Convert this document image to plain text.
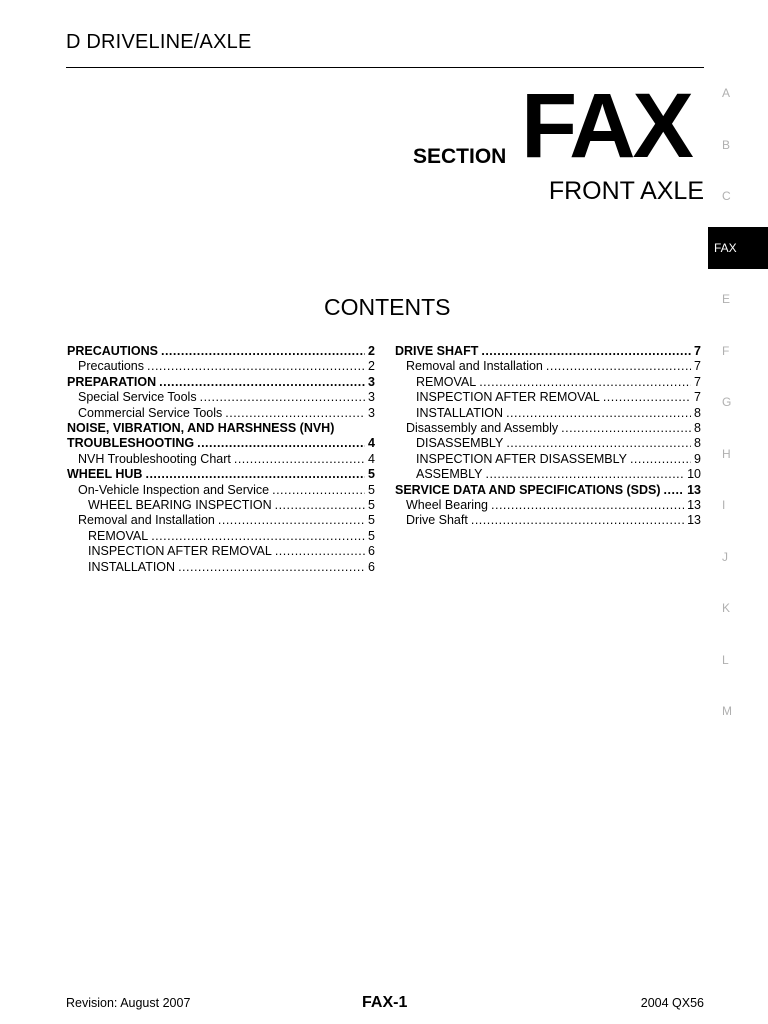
D DRIVELINE/AXLE
SECTION FAX
FRONT AXLE
CONTENTS
PRECAUTIONS .....	2
Precautions .....	2
PREPARATION .....	3
Special Service Tools .....	3
Commercial Service Tools .....	3
NOISE, VIBRATION, AND HARSHNESS (NVH)
TROUBLESHOOTING .....	4
NVH Troubleshooting Chart .....	4
WHEEL HUB .....	5
On-Vehicle Inspection and Service .....	5
WHEEL BEARING INSPECTION .....	5
Removal and Installation .....	5
REMOVAL .....	5
INSPECTION AFTER REMOVAL .....	6
INSTALLATION .....	6
DRIVE SHAFT .....	7
Removal and Installation .....	7
REMOVAL .....	7
INSPECTION AFTER REMOVAL .....	7
INSTALLATION .....	8
Disassembly and Assembly .....	8
DISASSEMBLY .....	8
INSPECTION AFTER DISASSEMBLY .....	9
ASSEMBLY .....	10
SERVICE DATA AND SPECIFICATIONS (SDS) ..... 13
Wheel Bearing .....	13
Drive Shaft .....	13
A
B
C
FAX
E
F
G
H
I
J
K
L
M
Revision: August 2007	FAX-1	2004 QX56
